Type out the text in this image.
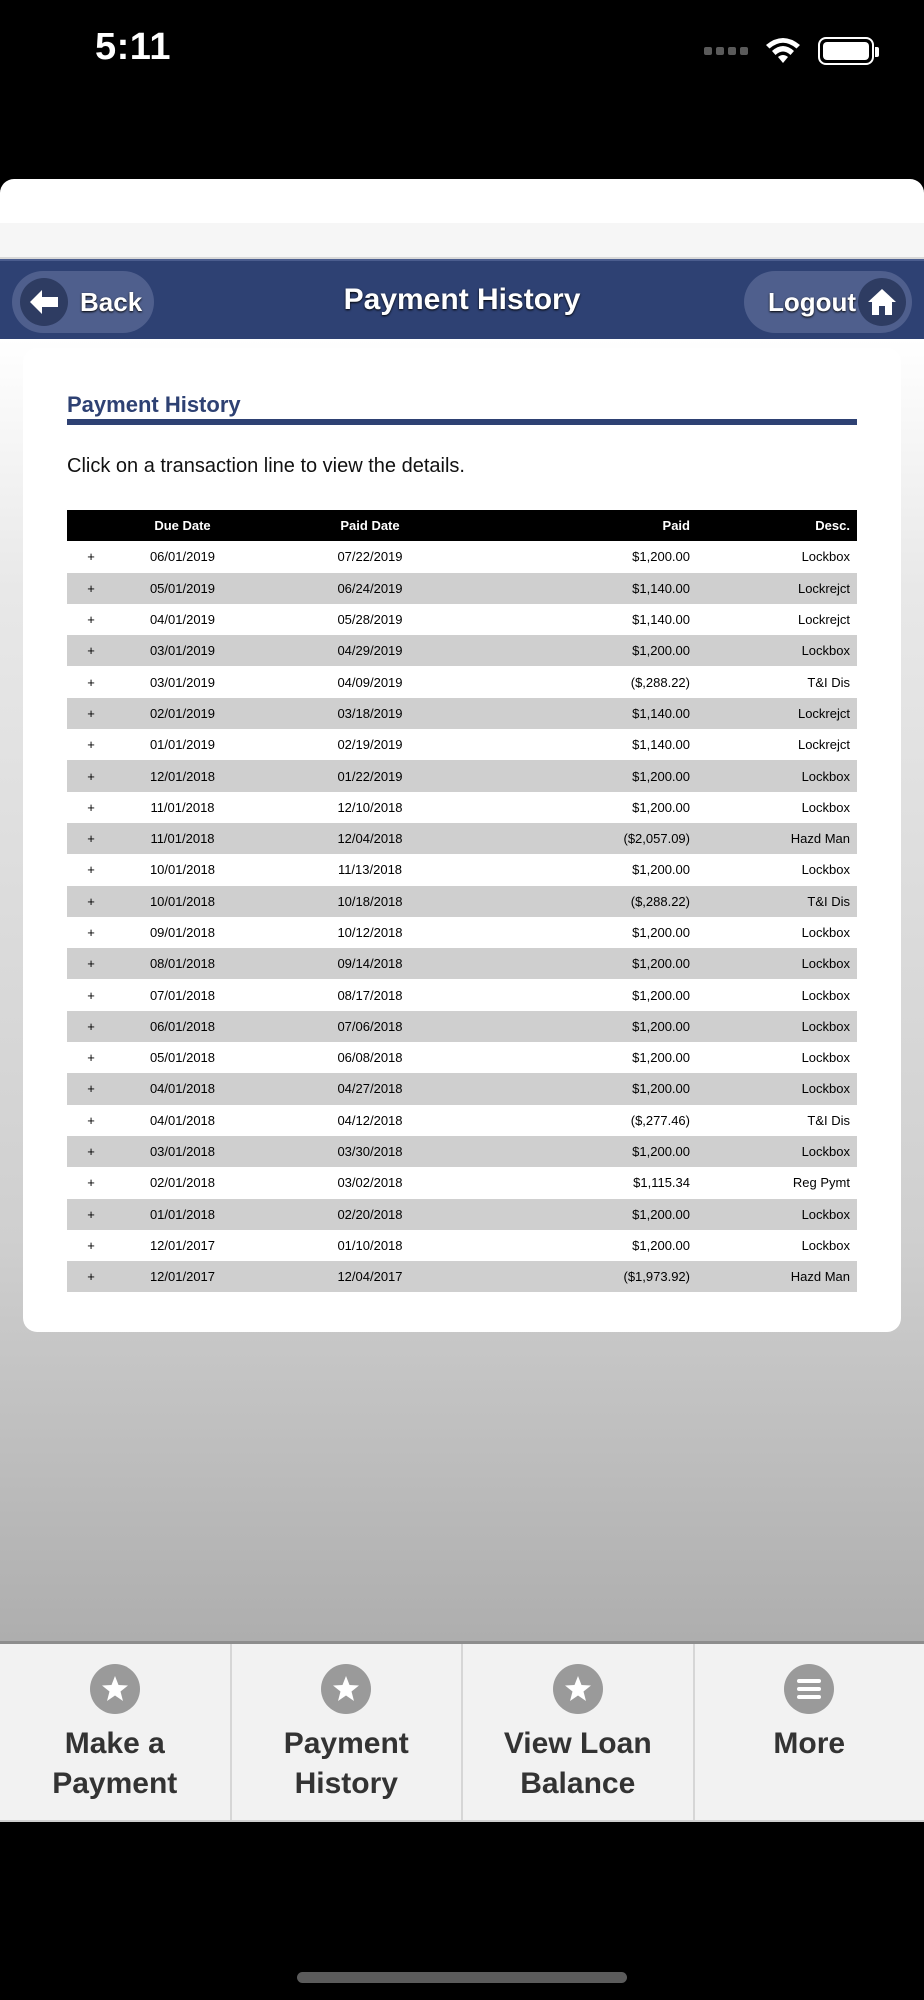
5:11
Back	Payment History	Logout
Payment History
Click on a transaction line to view the details.
Due Date	Paid Date	Paid	Desc.
+	06/01/2019	07/22/2019	$1,200.00	Lockbox
+	05/01/2019	06/24/2019	$1,140.00	Lockrejct
+	04/01/2019	05/28/2019	$1,140.00	Lockrejct
+	03/01/2019	04/29/2019	$1,200.00	Lockbox
+	03/01/2019	04/09/2019	($,288.22)	T&I Dis
+	02/01/2019	03/18/2019	$1,140.00	Lockrejct
+	01/01/2019	02/19/2019	$1,140.00	Lockrejct
+	12/01/2018	01/22/2019	$1,200.00	Lockbox
+	11/01/2018	12/10/2018	$1,200.00	Lockbox
+	11/01/2018	12/04/2018	($2,057.09)	Hazd Man
+	10/01/2018	11/13/2018	$1,200.00	Lockbox
+	10/01/2018	10/18/2018	($,288.22)	T&I Dis
+	09/01/2018	10/12/2018	$1,200.00	Lockbox
+	08/01/2018	09/14/2018	$1,200.00	Lockbox
+	07/01/2018	08/17/2018	$1,200.00	Lockbox
+	06/01/2018	07/06/2018	$1,200.00	Lockbox
+	05/01/2018	06/08/2018	$1,200.00	Lockbox
+	04/01/2018	04/27/2018	$1,200.00	Lockbox
+	04/01/2018	04/12/2018	($,277.46)	T&I Dis
+	03/01/2018	03/30/2018	$1,200.00	Lockbox
+	02/01/2018	03/02/2018	$1,115.34	Reg Pymt
+	01/01/2018	02/20/2018	$1,200.00	Lockbox
+	12/01/2017	01/10/2018	$1,200.00	Lockbox
+	12/01/2017	12/04/2017	($1,973.92)	Hazd Man
Make a
Payment
Payment
History
View Loan
Balance
More
